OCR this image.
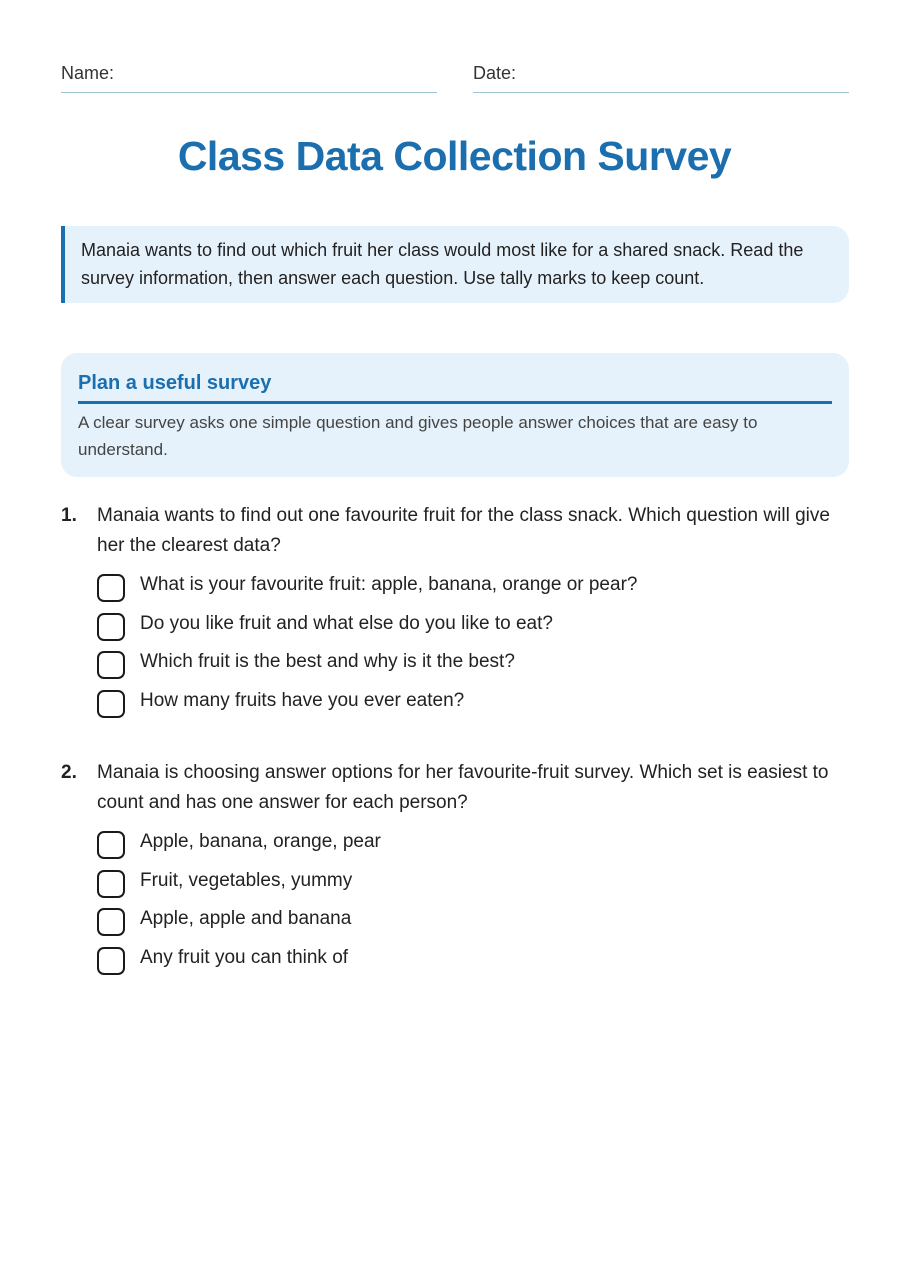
Name:	Date:
Class Data Collection Survey
Manaia wants to find out which fruit her class would most like for a shared snack. Read the survey information, then answer each question. Use tally marks to keep count.
Plan a useful survey
A clear survey asks one simple question and gives people answer choices that are easy to understand.
1. Manaia wants to find out one favourite fruit for the class snack. Which question will give her the clearest data?
What is your favourite fruit: apple, banana, orange or pear?
Do you like fruit and what else do you like to eat?
Which fruit is the best and why is it the best?
How many fruits have you ever eaten?
2. Manaia is choosing answer options for her favourite-fruit survey. Which set is easiest to count and has one answer for each person?
Apple, banana, orange, pear
Fruit, vegetables, yummy
Apple, apple and banana
Any fruit you can think of
